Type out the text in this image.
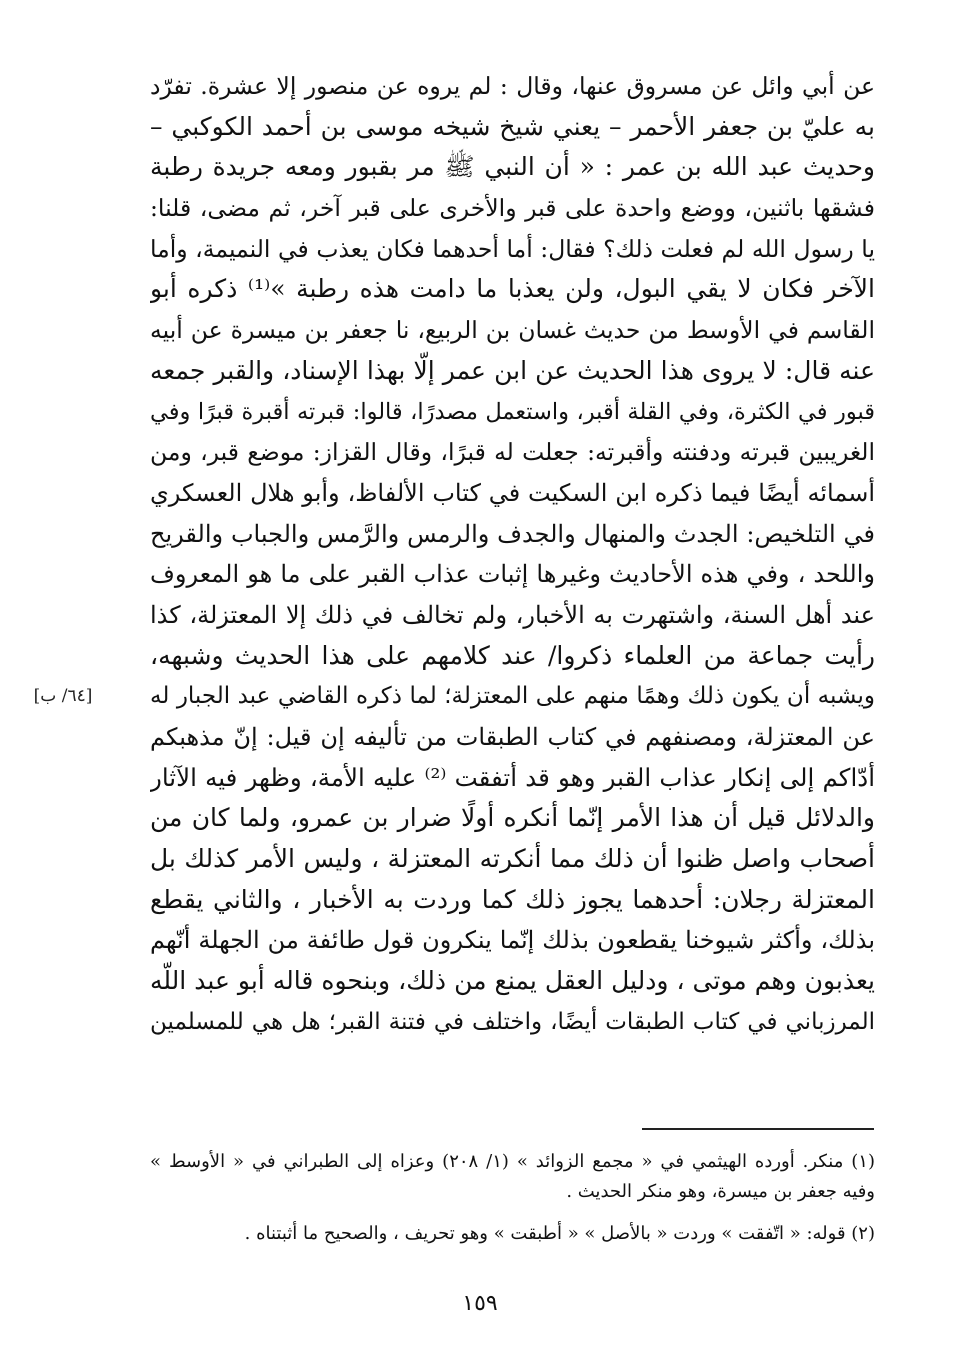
عن أبي وائل عن مسروق عنها، وقال : لم يروه عن منصور إلا عشرة. تفرّد
به عليّ بن جعفر الأحمر – يعني شيخ شيخه موسى بن أحمد الكوكبي –
وحديث عبد الله بن عمر : « أن النبي ﷺ مر بقبور ومعه جريدة رطبة
فشقها باثنين، ووضع واحدة على قبر والأخرى على قبر آخر، ثم مضى، قلنا:
يا رسول الله لم فعلت ذلك؟ فقال: أما أحدهما فكان يعذب في النميمة، وأما
الآخر فكان لا يقي البول، ولن يعذبا ما دامت هذه رطبة »⁽¹⁾ ذكره أبو
القاسم في الأوسط من حديث غسان بن الربيع، نا جعفر بن ميسرة عن أبيه
عنه قال: لا يروى هذا الحديث عن ابن عمر إلّا بهذا الإسناد، والقبر جمعه
قبور في الكثرة، وفي القلة أقبر، واستعمل مصدرًا، قالوا: قبرته أقبرة قبرًا وفي
الغريبين قبرته ودفنته وأقبرته: جعلت له قبرًا، وقال القزاز: موضع قبر، ومن
أسمائه أيضًا فيما ذكره ابن السكيت في كتاب الألفاظ، وأبو هلال العسكري
في التلخيص: الجدث والمنهال والجدف والرمس والرَّمس والجباب والقريح
واللحد ، وفي هذه الأحاديث وغيرها إثبات عذاب القبر على ما هو المعروف
عند أهل السنة، واشتهرت به الأخبار، ولم تخالف في ذلك إلا المعتزلة، كذا
رأيت جماعة من العلماء ذكروا/ عند كلامهم على هذا الحديث وشبهه،
ويشبه أن يكون ذلك وهمًا منهم على المعتزلة؛ لما ذكره القاضي عبد الجبار له
عن المعتزلة، ومصنفهم في كتاب الطبقات من تأليفه إن قيل: إنّ مذهبكم
أدّاكم إلى إنكار عذاب القبر وهو قد أتفقت ⁽²⁾ عليه الأمة، وظهر فيه الآثار
والدلائل قيل أن هذا الأمر إنّما أنكره أولًا ضرار بن عمرو، ولما كان من
أصحاب واصل ظنوا أن ذلك مما أنكرته المعتزلة ، وليس الأمر كذلك بل
المعتزلة رجلان: أحدهما يجوز ذلك كما وردت به الأخبار ، والثاني يقطع
بذلك، وأكثر شيوخنا يقطعون بذلك إنّما ينكرون قول طائفة من الجهلة أنّهم
يعذبون وهم موتى ، ودليل العقل يمنع من ذلك، وبنحوه قاله أبو عبد اللّه
المرزباني في كتاب الطبقات أيضًا، واختلف في فتنة القبر؛ هل هي للمسلمين
[٦٤/ ب]
(١) منكر. أورده الهيثمي في « مجمع الزوائد » (١/ ٢٠٨) وعزاه إلى الطبراني في « الأوسط »
وفيه جعفر بن ميسرة، وهو منكر الحديث .
(٢) قوله: « اتّفقت » وردت « بالأصل » « أطبقت » وهو تحريف ، والصحيح ما أثبتناه .
١٥٩
